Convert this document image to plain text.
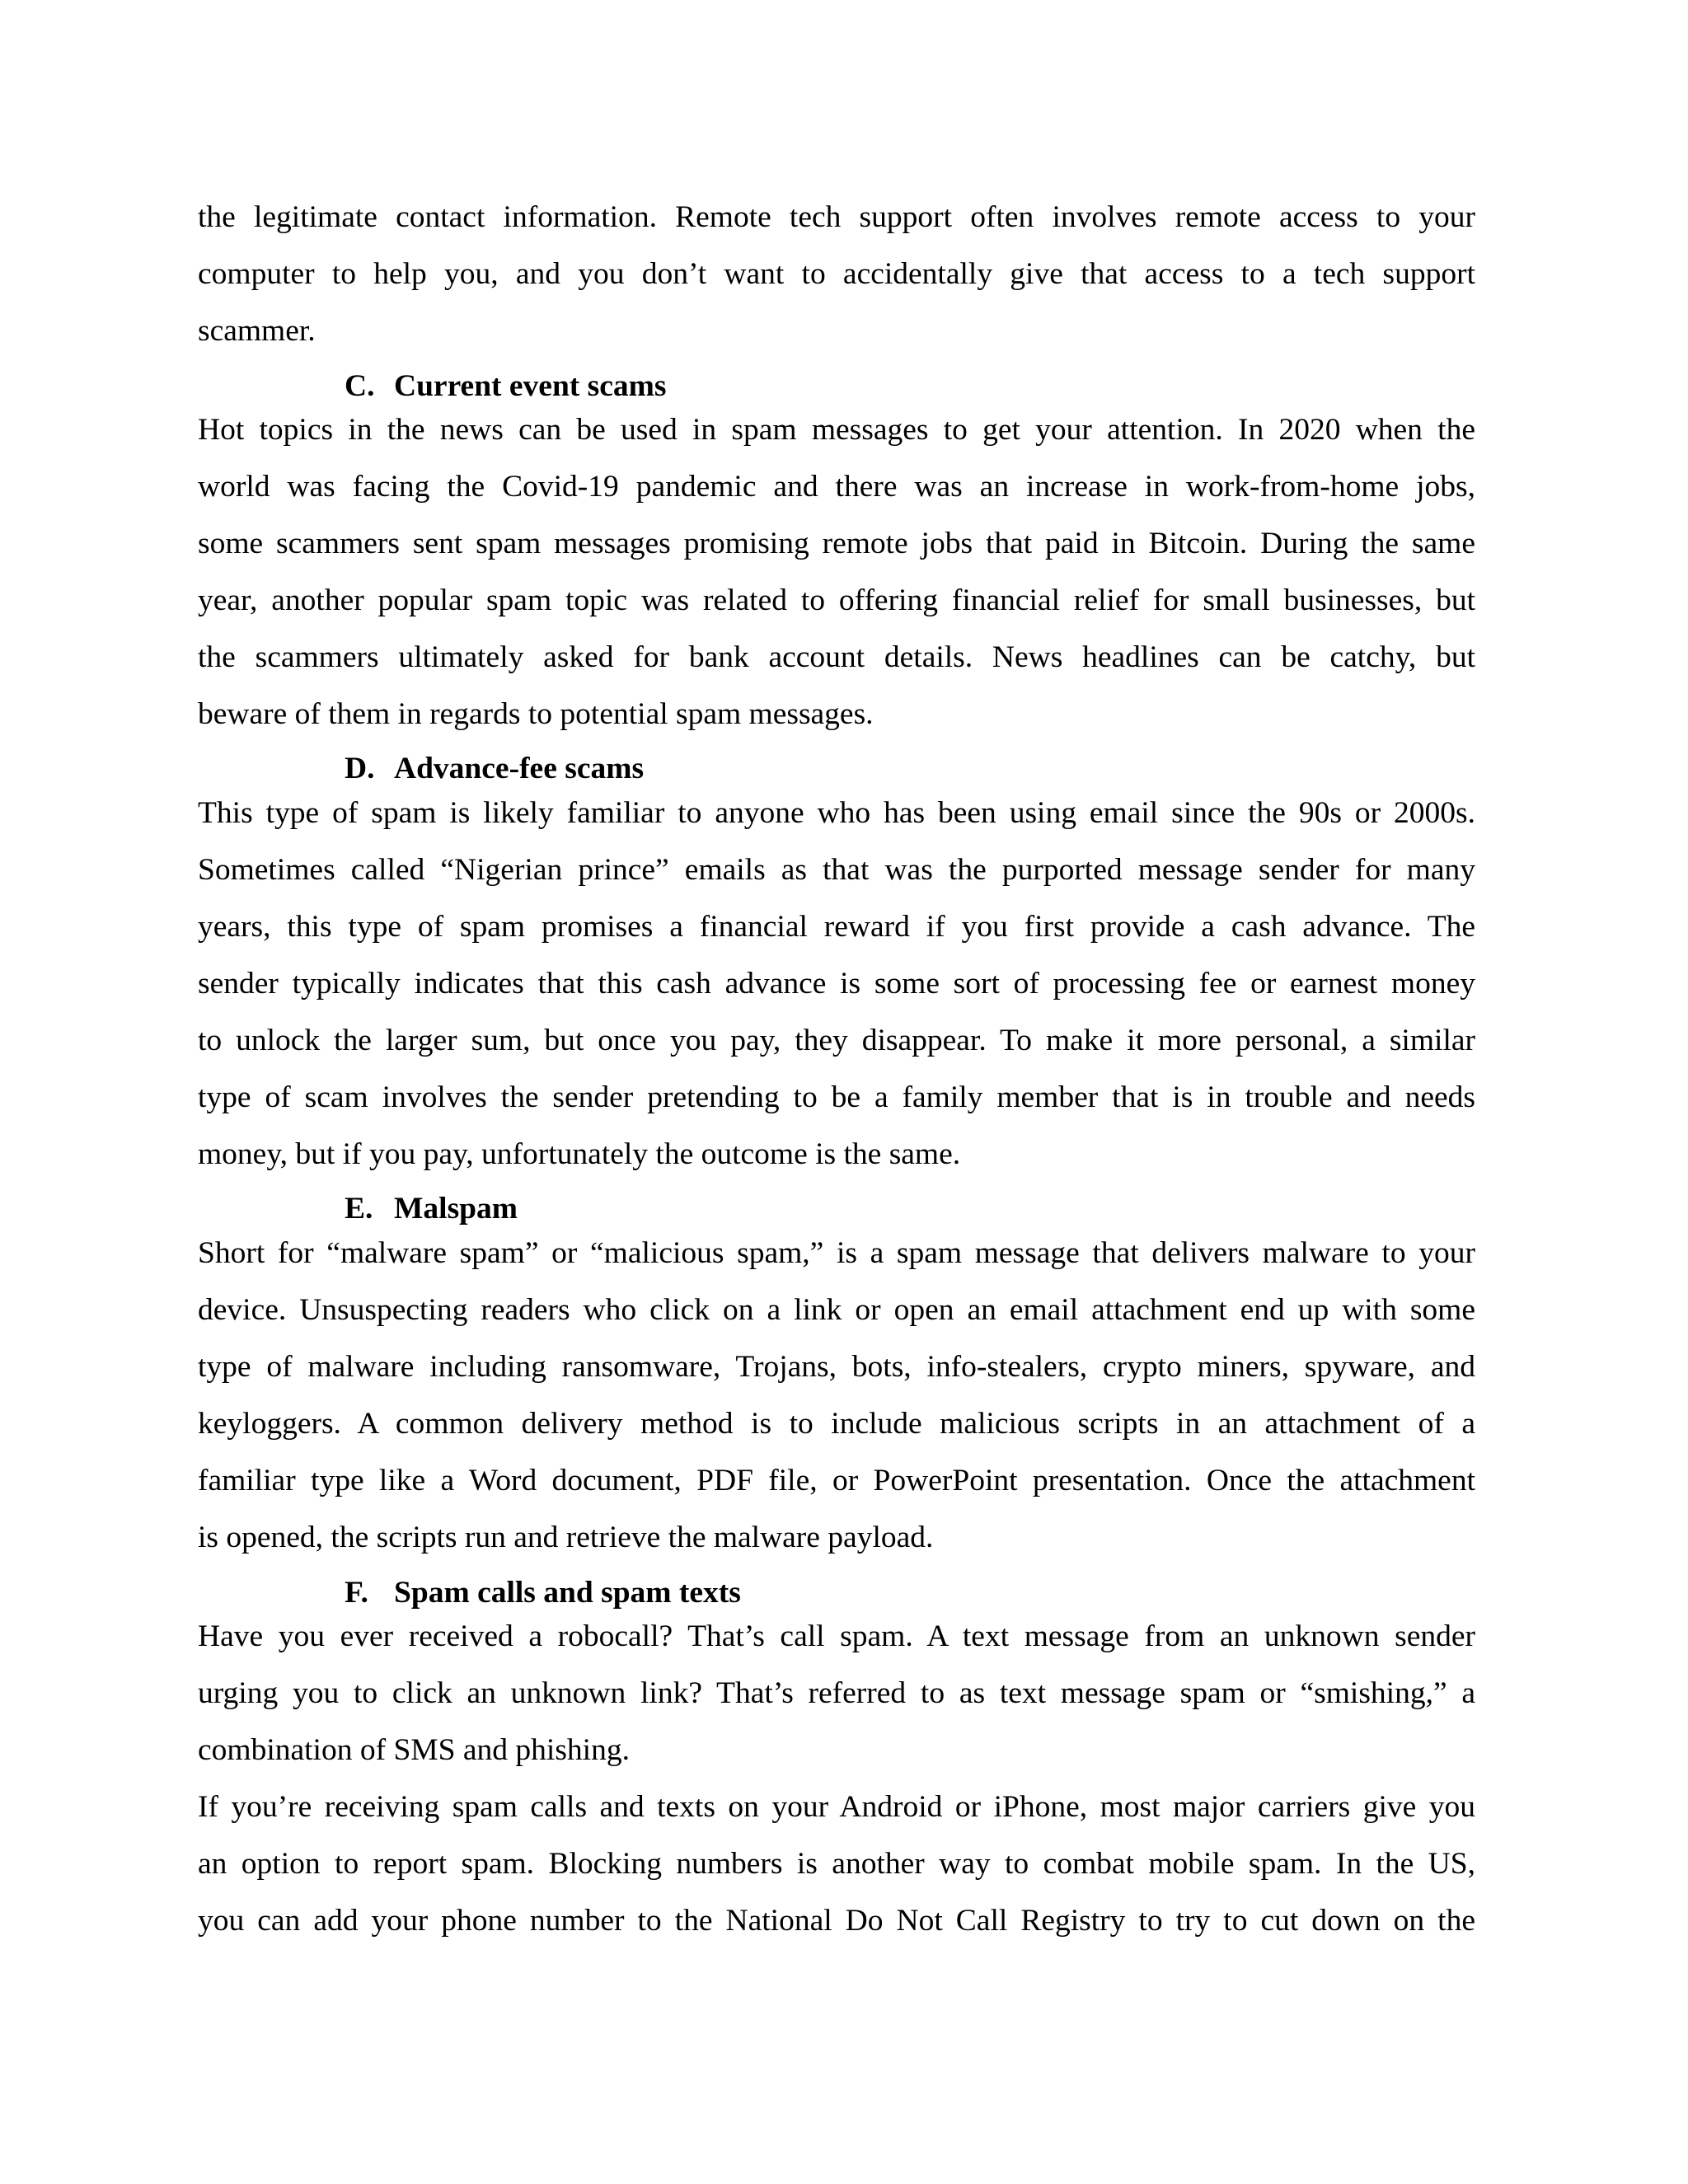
the legitimate contact information. Remote tech support often involves remote access to your
computer to help you, and you don’t want to accidentally give that access to a tech support
scammer.
C. Current event scams
Hot topics in the news can be used in spam messages to get your attention. In 2020 when the
world was facing the Covid-19 pandemic and there was an increase in work-from-home jobs,
some scammers sent spam messages promising remote jobs that paid in Bitcoin. During the same
year, another popular spam topic was related to offering financial relief for small businesses, but
the scammers ultimately asked for bank account details. News headlines can be catchy, but
beware of them in regards to potential spam messages.
D. Advance-fee scams
This type of spam is likely familiar to anyone who has been using email since the 90s or 2000s.
Sometimes called “Nigerian prince” emails as that was the purported message sender for many
years, this type of spam promises a financial reward if you first provide a cash advance. The
sender typically indicates that this cash advance is some sort of processing fee or earnest money
to unlock the larger sum, but once you pay, they disappear. To make it more personal, a similar
type of scam involves the sender pretending to be a family member that is in trouble and needs
money, but if you pay, unfortunately the outcome is the same.
E. Malspam
Short for “malware spam” or “malicious spam,” is a spam message that delivers malware to your
device. Unsuspecting readers who click on a link or open an email attachment end up with some
type of malware including ransomware, Trojans, bots, info-stealers, crypto miners, spyware, and
keyloggers. A common delivery method is to include malicious scripts in an attachment of a
familiar type like a Word document, PDF file, or PowerPoint presentation. Once the attachment
is opened, the scripts run and retrieve the malware payload.
F. Spam calls and spam texts
Have you ever received a robocall? That’s call spam. A text message from an unknown sender
urging you to click an unknown link? That’s referred to as text message spam or “smishing,” a
combination of SMS and phishing.
If you’re receiving spam calls and texts on your Android or iPhone, most major carriers give you
an option to report spam. Blocking numbers is another way to combat mobile spam. In the US,
you can add your phone number to the National Do Not Call Registry to try to cut down on the
